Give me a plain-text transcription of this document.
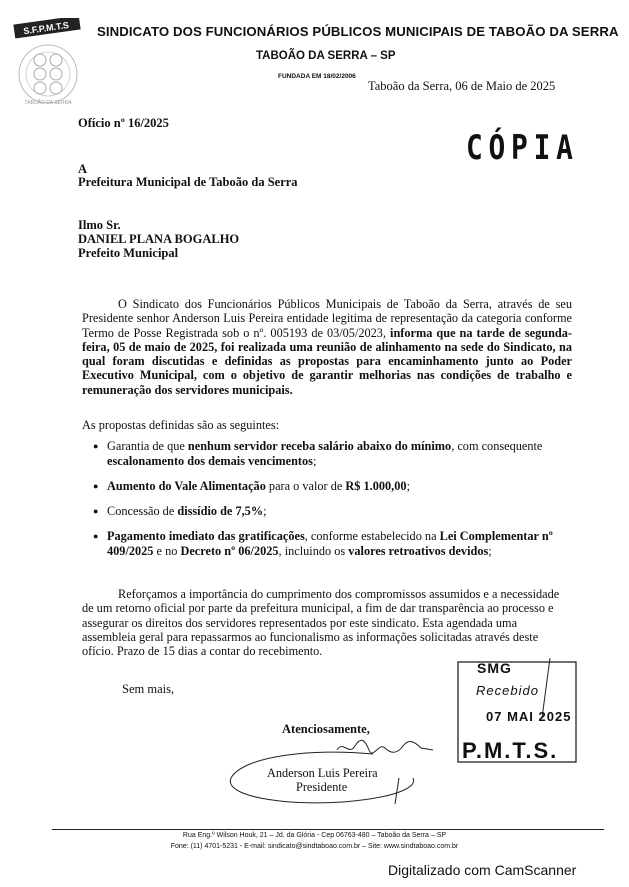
S.F.P.M.T.S
TABOÃO DA SERRA
SINDICATO DOS FUNCIONÁRIOS PÚBLICOS MUNICIPAIS DE TABOÃO DA SERRA
TABOÃO DA SERRA – SP
FUNDADA EM 18/02/2006
Taboão da Serra, 06 de Maio de 2025
Ofício nº 16/2025
CÓPIA
A
Prefeitura Municipal de Taboão da Serra
Ilmo Sr.
DANIEL PLANA BOGALHO
Prefeito Municipal
O Sindicato dos Funcionários Públicos Municipais de Taboão da Serra, através de seu Presidente senhor Anderson Luis Pereira entidade legitima de representação da categoria conforme Termo de Posse Registrada sob o nº. 005193 de 03/05/2023, informa que na tarde de segunda-feira, 05 de maio de 2025, foi realizada uma reunião de alinhamento na sede do Sindicato, na qual foram discutidas e definidas as propostas para encaminhamento junto ao Poder Executivo Municipal, com o objetivo de garantir melhorias nas condições de trabalho e remuneração dos servidores municipais.
As propostas definidas são as seguintes:
● Garantia de que nenhum servidor receba salário abaixo do mínimo, com consequente escalonamento dos demais vencimentos;
● Aumento do Vale Alimentação para o valor de R$ 1.000,00;
● Concessão de dissídio de 7,5%;
● Pagamento imediato das gratificações, conforme estabelecido na Lei Complementar nº 409/2025 e no Decreto nº 06/2025, incluindo os valores retroativos devidos;
Reforçamos a importância do cumprimento dos compromissos assumidos e a necessidade de um retorno oficial por parte da prefeitura municipal, a fim de dar transparência ao processo e assegurar os direitos dos servidores representados por este sindicato. Esta agendada uma assembleia geral para repassarmos ao funcionalismo as informações solicitadas através deste ofício. Prazo de 15 dias a contar do recebimento.
Sem mais,
Atenciosamente,
Anderson Luis Pereira
Presidente
SMG
Recebido
07 MAI 2025
P.M.T.S.
Rua Eng.º Wilson Houk, 21 – Jd. da Glória - Cep 06763-480 – Taboão da Serra – SP
Fone: (11) 4701-5231 - E-mail: sindicato@sindtaboao.com.br – Site: www.sindtaboao.com.br
Digitalizado com CamScanner
